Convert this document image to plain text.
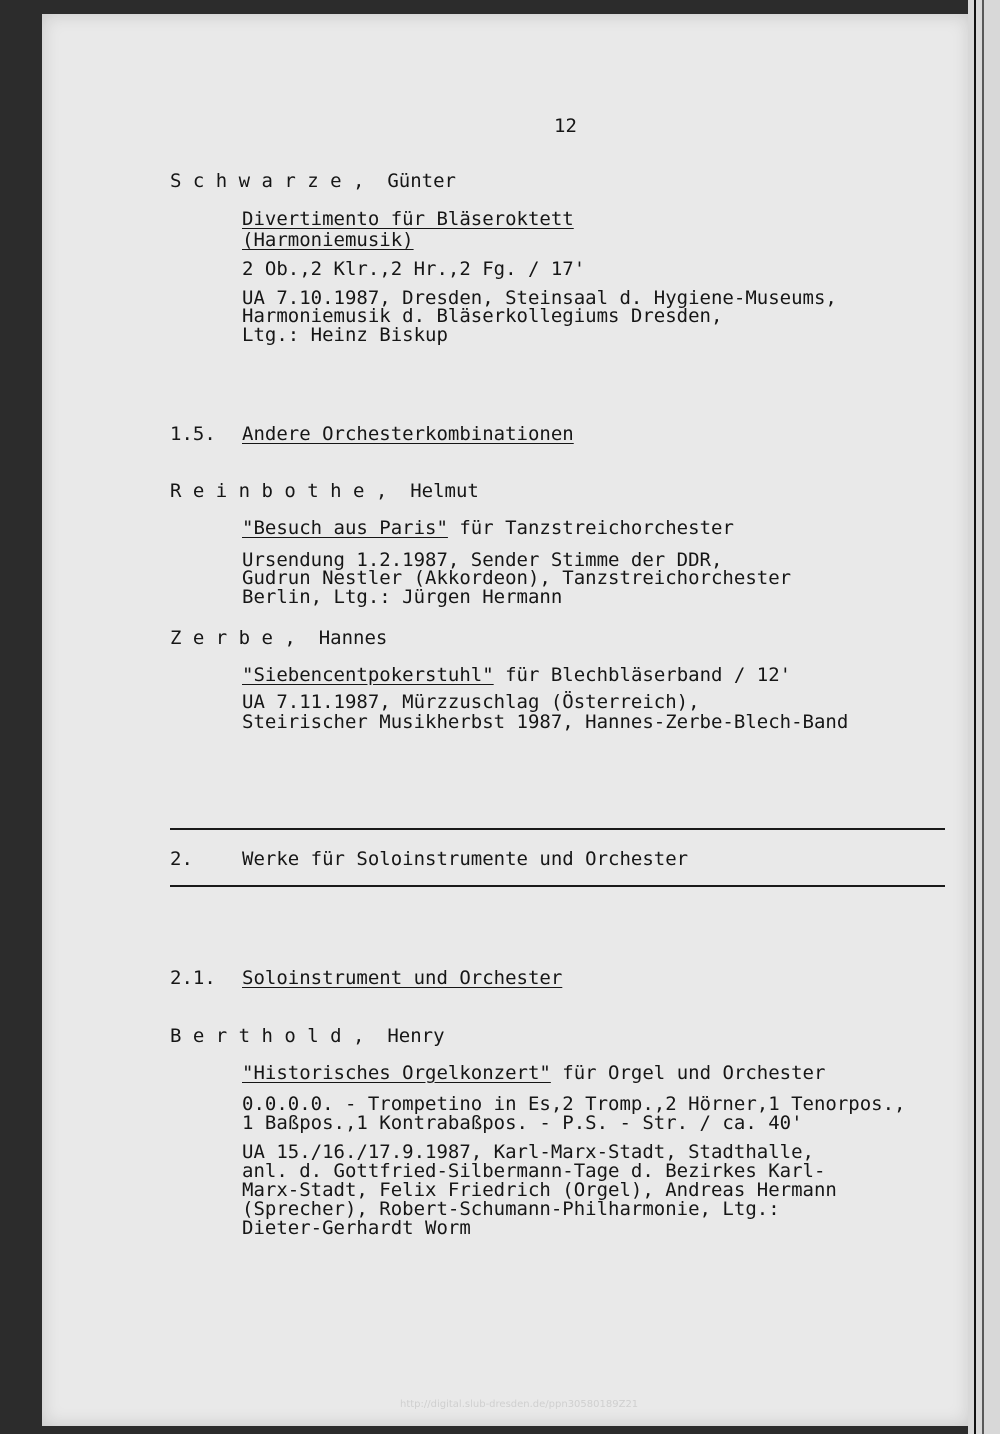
12

S c h w a r z e ,  Günter

Divertimento für Bläseroktett

(Harmoniemusik)

2 Ob.,2 Klr.,2 Hr.,2 Fg. / 17'

UA 7.10.1987, Dresden, Steinsaal d. Hygiene-Museums,

Harmoniemusik d. Bläserkollegiums Dresden,

Ltg.: Heinz Biskup

1.5. Andere Orchesterkombinationen

R e i n b o t h e ,  Helmut

"Besuch aus Paris" für Tanzstreichorchester

Ursendung 1.2.1987, Sender Stimme der DDR,

Gudrun Nestler (Akkordeon), Tanzstreichorchester

Berlin, Ltg.: Jürgen Hermann

Z e r b e ,  Hannes

"Siebencentpokerstuhl" für Blechbläserband / 12'

UA 7.11.1987, Mürzzuschlag (Österreich),

Steirischer Musikherbst 1987, Hannes-Zerbe-Blech-Band

2.	Werke für Soloinstrumente und Orchester

2.1. Soloinstrument und Orchester

B e r t h o l d ,  Henry

"Historisches Orgelkonzert" für Orgel und Orchester

0.0.0.0. - Trompetino in Es,2 Tromp.,2 Hörner,1 Tenorpos.,

1 Baßpos.,1 Kontrabaßpos. - P.S. - Str. / ca. 40'

UA 15./16./17.9.1987, Karl-Marx-Stadt, Stadthalle,

anl. d. Gottfried-Silbermann-Tage d. Bezirkes Karl-

Marx-Stadt, Felix Friedrich (Orgel), Andreas Hermann

(Sprecher), Robert-Schumann-Philharmonie, Ltg.:

Dieter-Gerhardt Worm

http://digital.slub-dresden.de/ppn30580189Z21
